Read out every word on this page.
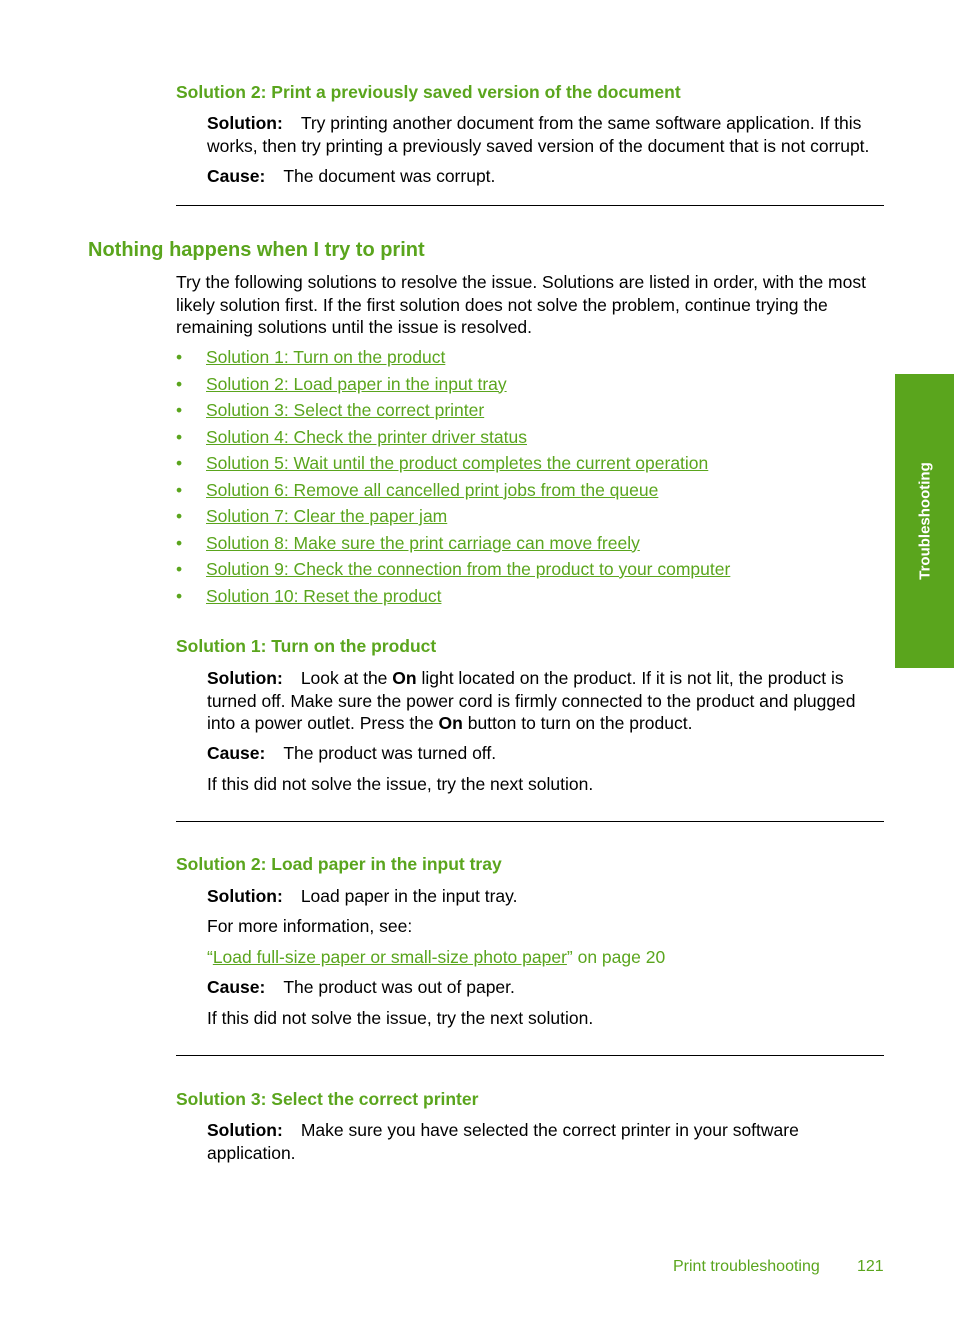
Solution 2: Print a previously saved version of the document
Solution: Try printing another document from the same software application. If this works, then try printing a previously saved version of the document that is not corrupt.
Cause: The document was corrupt.
Nothing happens when I try to print
Try the following solutions to resolve the issue. Solutions are listed in order, with the most likely solution first. If the first solution does not solve the problem, continue trying the remaining solutions until the issue is resolved.
• Solution 1: Turn on the product
• Solution 2: Load paper in the input tray
• Solution 3: Select the correct printer
• Solution 4: Check the printer driver status
• Solution 5: Wait until the product completes the current operation
• Solution 6: Remove all cancelled print jobs from the queue
• Solution 7: Clear the paper jam
• Solution 8: Make sure the print carriage can move freely
• Solution 9: Check the connection from the product to your computer
• Solution 10: Reset the product
Solution 1: Turn on the product
Solution: Look at the On light located on the product. If it is not lit, the product is turned off. Make sure the power cord is firmly connected to the product and plugged into a power outlet. Press the On button to turn on the product.
Cause: The product was turned off.
If this did not solve the issue, try the next solution.
Solution 2: Load paper in the input tray
Solution: Load paper in the input tray.
For more information, see:
“Load full-size paper or small-size photo paper” on page 20
Cause: The product was out of paper.
If this did not solve the issue, try the next solution.
Solution 3: Select the correct printer
Solution: Make sure you have selected the correct printer in your software application.
Troubleshooting
Print troubleshooting 121
